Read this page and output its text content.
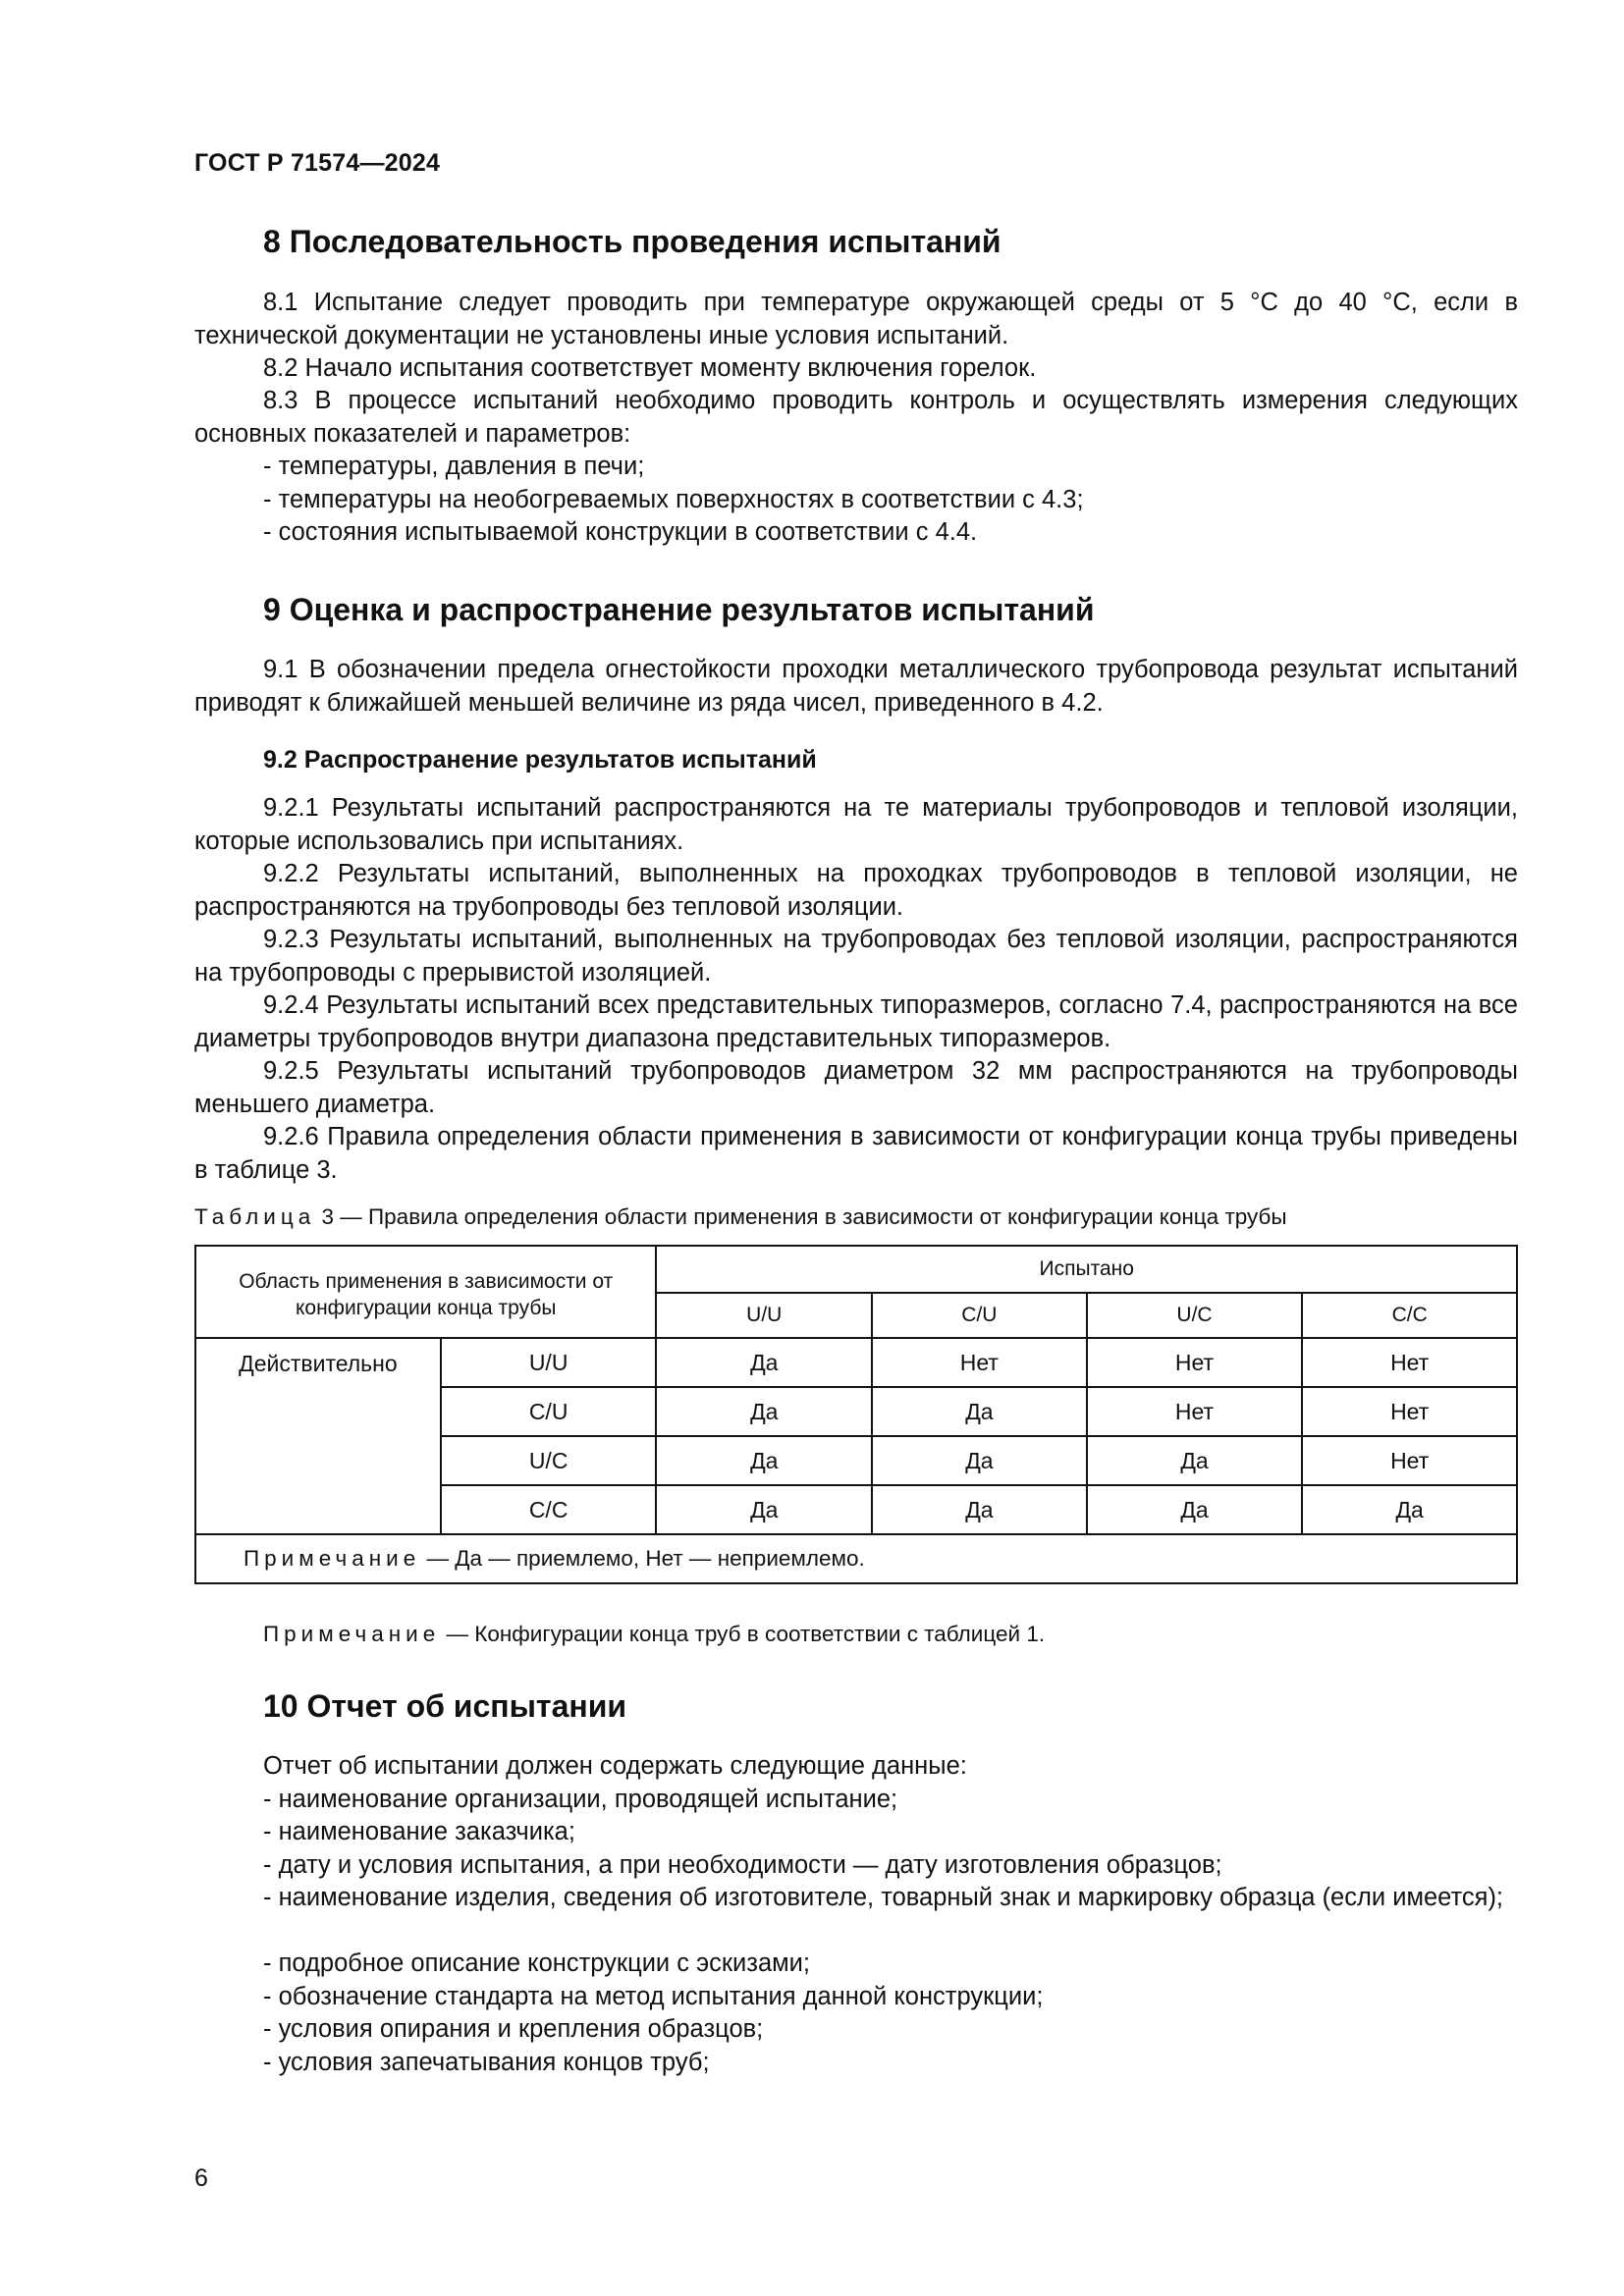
ГОСТ Р 71574—2024
8 Последовательность проведения испытаний
8.1 Испытание следует проводить при температуре окружающей среды от 5 °С до 40 °С, если в технической документации не установлены иные условия испытаний.
8.2 Начало испытания соответствует моменту включения горелок.
8.3 В процессе испытаний необходимо проводить контроль и осуществлять измерения следующих основных показателей и параметров:
- температуры, давления в печи;
- температуры на необогреваемых поверхностях в соответствии с 4.3;
- состояния испытываемой конструкции в соответствии с 4.4.
9 Оценка и распространение результатов испытаний
9.1 В обозначении предела огнестойкости проходки металлического трубопровода результат испытаний приводят к ближайшей меньшей величине из ряда чисел, приведенного в 4.2.
9.2 Распространение результатов испытаний
9.2.1 Результаты испытаний распространяются на те материалы трубопроводов и тепловой изоляции, которые использовались при испытаниях.
9.2.2 Результаты испытаний, выполненных на проходках трубопроводов в тепловой изоляции, не распространяются на трубопроводы без тепловой изоляции.
9.2.3 Результаты испытаний, выполненных на трубопроводах без тепловой изоляции, распространяются на трубопроводы с прерывистой изоляцией.
9.2.4 Результаты испытаний всех представительных типоразмеров, согласно 7.4, распространяются на все диаметры трубопроводов внутри диапазона представительных типоразмеров.
9.2.5 Результаты испытаний трубопроводов диаметром 32 мм распространяются на трубопроводы меньшего диаметра.
9.2.6 Правила определения области применения в зависимости от конфигурации конца трубы приведены в таблице 3.
Таблица 3 — Правила определения области применения в зависимости от конфигурации конца трубы
Область применения в зависимости от конфигурации конца трубы		Испытано			
		U/U	C/U	U/C	C/C
Действительно	U/U	Да	Нет	Нет	Нет
	C/U	Да	Да	Нет	Нет
	U/C	Да	Да	Да	Нет
	C/C	Да	Да	Да	Да
Примечание — Да — приемлемо, Нет — неприемлемо.					
Примечание — Конфигурации конца труб в соответствии с таблицей 1.
10 Отчет об испытании
Отчет об испытании должен содержать следующие данные:
- наименование организации, проводящей испытание;
- наименование заказчика;
- дату и условия испытания, а при необходимости — дату изготовления образцов;
- наименование изделия, сведения об изготовителе, товарный знак и маркировку образца (если имеется);
- подробное описание конструкции с эскизами;
- обозначение стандарта на метод испытания данной конструкции;
- условия опирания и крепления образцов;
- условия запечатывания концов труб;
6
